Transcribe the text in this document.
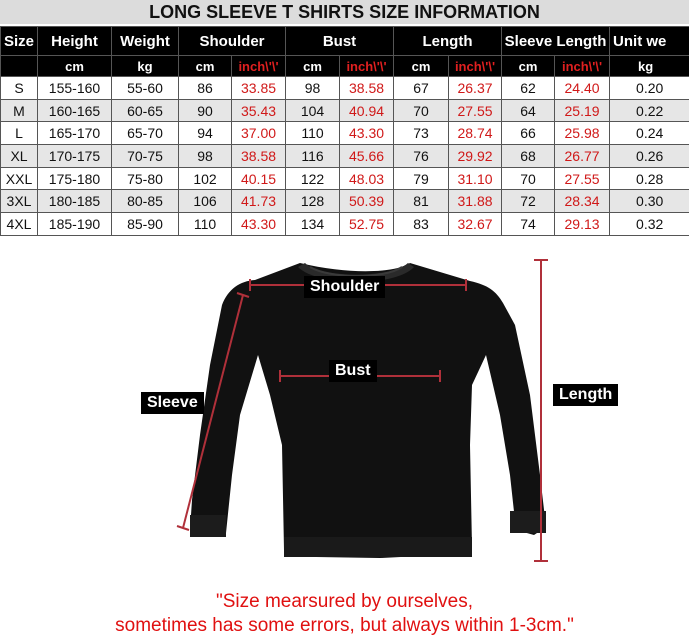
LONG SLEEVE T SHIRTS SIZE INFORMATION
Size	Height	Weight	Shoulder		Bust		Length		Sleeve Length		Unit we
	cm	kg	cm	inch\'\'	cm	inch\'\'	cm	inch\'\'	cm	inch\'\'	kg
S	155-160	55-60	86	33.85	98	38.58	67	26.37	62	24.40	0.20
M	160-165	60-65	90	35.43	104	40.94	70	27.55	64	25.19	0.22
L	165-170	65-70	94	37.00	110	43.30	73	28.74	66	25.98	0.24
XL	170-175	70-75	98	38.58	116	45.66	76	29.92	68	26.77	0.26
XXL	175-180	75-80	102	40.15	122	48.03	79	31.10	70	27.55	0.28
3XL	180-185	80-85	106	41.73	128	50.39	81	31.88	72	28.34	0.30
4XL	185-190	85-90	110	43.30	134	52.75	83	32.67	74	29.13	0.32
Shoulder
Bust
Sleeve	Length
"Size mearsured by ourselves,
sometimes has some errors, but always within 1-3cm."
